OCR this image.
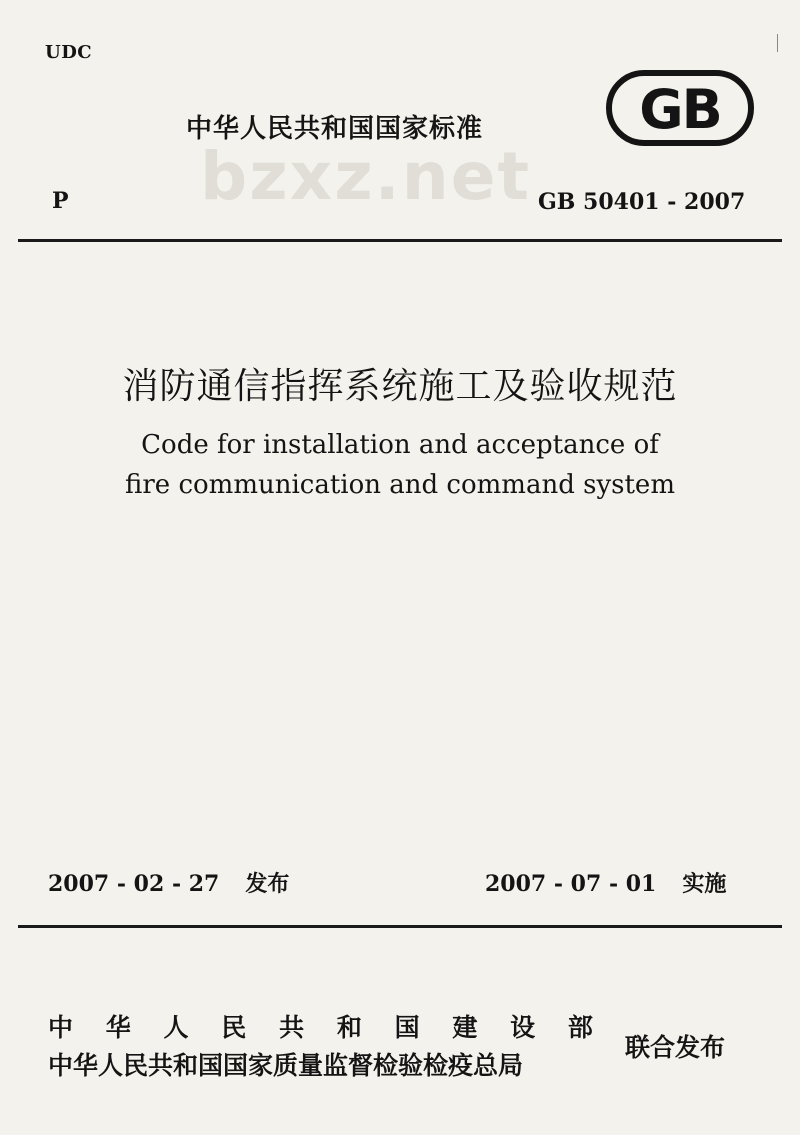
UDC
中华人民共和国国家标准	GB
bzxz.net
P	GB 50401 - 2007
消防通信指挥系统施工及验收规范
Code for installation and acceptance of
fire communication and command system
2007 - 02 - 27 发布	2007 - 07 - 01 实施
中 华 人 民 共 和 国 建 设 部
中华人民共和国国家质量监督检验检疫总局
联合发布
